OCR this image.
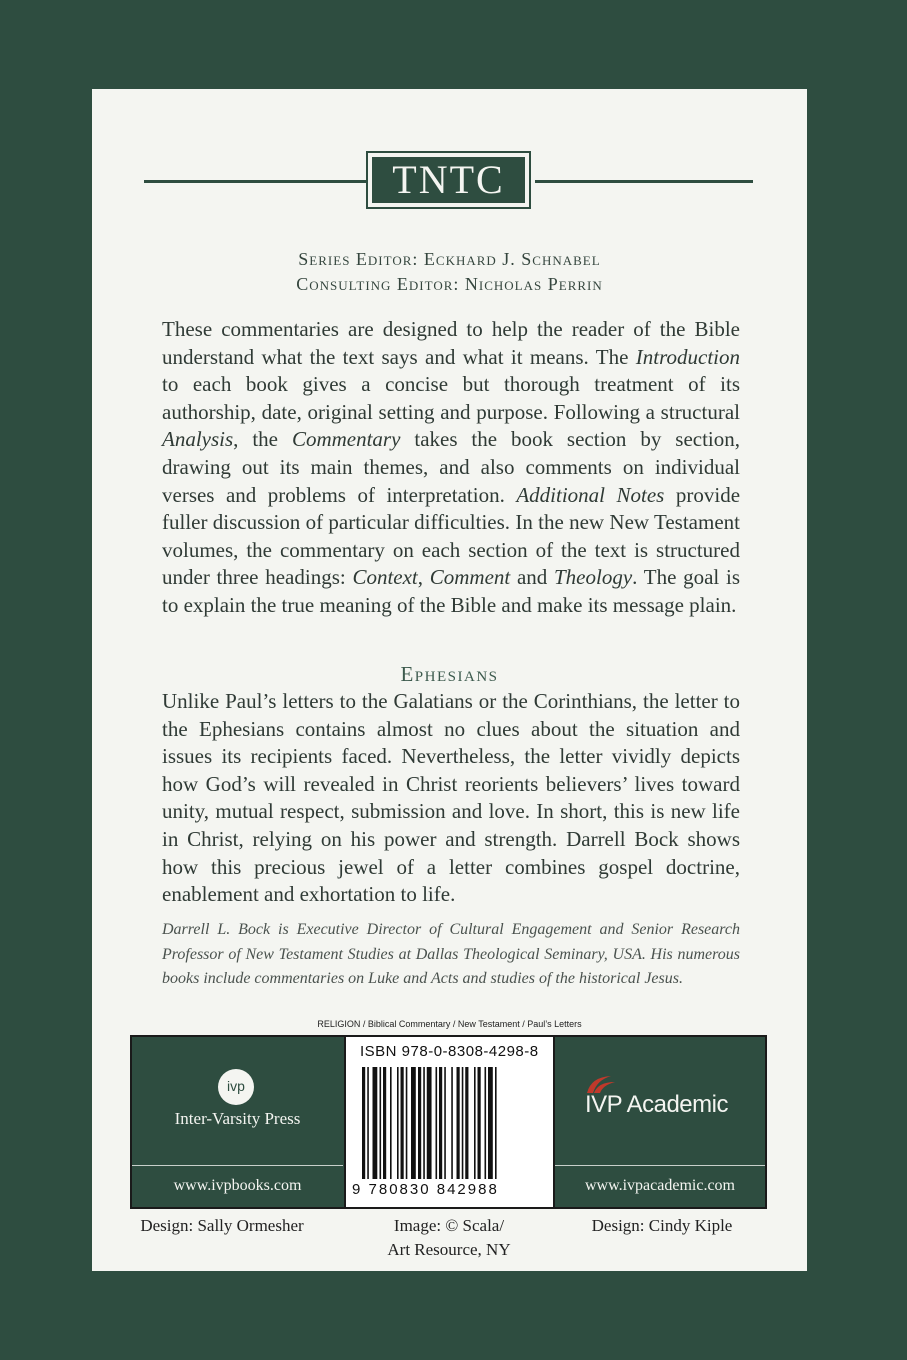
TNTC
Series Editor: Eckhard J. Schnabel
Consulting Editor: Nicholas Perrin
These commentaries are designed to help the reader of the Bible understand what the text says and what it means. The Introduction to each book gives a concise but thorough treatment of its authorship, date, original setting and purpose. Following a structural Analysis, the Commentary takes the book section by section, drawing out its main themes, and also comments on individual verses and problems of interpretation. Additional Notes provide fuller discussion of particular difficulties. In the new New Testament volumes, the commentary on each section of the text is structured under three headings: Context, Comment and Theology. The goal is to explain the true meaning of the Bible and make its message plain.
Ephesians
Unlike Paul’s letters to the Galatians or the Corinthians, the letter to the Ephesians contains almost no clues about the situation and issues its recipients faced. Nevertheless, the letter vividly depicts how God’s will revealed in Christ reorients believers’ lives toward unity, mutual respect, submission and love. In short, this is new life in Christ, relying on his power and strength. Darrell Bock shows how this precious jewel of a letter combines gospel doctrine, enablement and exhortation to life.
Darrell L. Bock is Executive Director of Cultural Engagement and Senior Research Professor of New Testament Studies at Dallas Theological Seminary, USA. His numerous books include commentaries on Luke and Acts and studies of the historical Jesus.
RELIGION / Biblical Commentary / New Testament / Paul’s Letters
ivp
Inter-Varsity Press
www.ivpbooks.com
ISBN 978-0-8308-4298-8
9 780830 842988
IVP Academic
www.ivpacademic.com
Design: Sally Ormesher	Image: © Scala/
Art Resource, NY
Design: Cindy Kiple
